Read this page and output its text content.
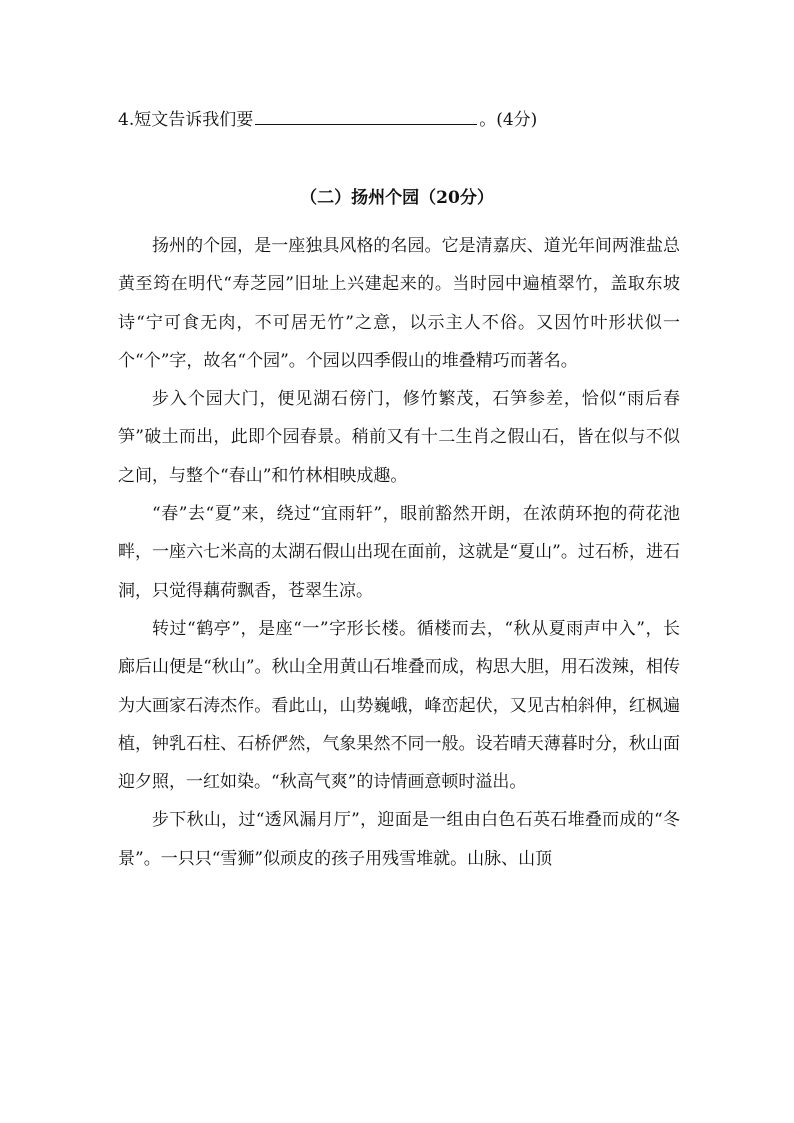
4.短文告诉我们要	。(4分)
（二）扬州个园（20分）

扬州的个园，是一座独具风格的名园。它是清嘉庆、道光年间两淮盐总黄至筠在明代“寿芝园”旧址上兴建起来的。当时园中遍植翠竹，盖取东坡诗“宁可食无肉，不可居无竹”之意，以示主人不俗。又因竹叶形状似一个“个”字，故名“个园”。个园以四季假山的堆叠精巧而著名。

步入个园大门，便见湖石傍门，修竹繁茂，石笋参差，恰似“雨后春笋”破土而出，此即个园春景。稍前又有十二生肖之假山石，皆在似与不似之间，与整个“春山”和竹林相映成趣。

“春”去“夏”来，绕过“宜雨轩”，眼前豁然开朗，在浓荫环抱的荷花池畔，一座六七米高的太湖石假山出现在面前，这就是“夏山”。过石桥，进石洞，只觉得藕荷飘香，苍翠生凉。

转过“鹤亭”，是座“一”字形长楼。循楼而去，“秋从夏雨声中入”，长廊后山便是“秋山”。秋山全用黄山石堆叠而成，构思大胆，用石泼辣，相传为大画家石涛杰作。看此山，山势巍峨，峰峦起伏，又见古柏斜伸，红枫遍植，钟乳石柱、石桥俨然，气象果然不同一般。设若晴天薄暮时分，秋山面迎夕照，一红如染。“秋高气爽”的诗情画意顿时溢出。

步下秋山，过“透风漏月厅”，迎面是一组由白色石英石堆叠而成的“冬景”。一只只“雪狮”似顽皮的孩子用残雪堆就。山脉、山顶
